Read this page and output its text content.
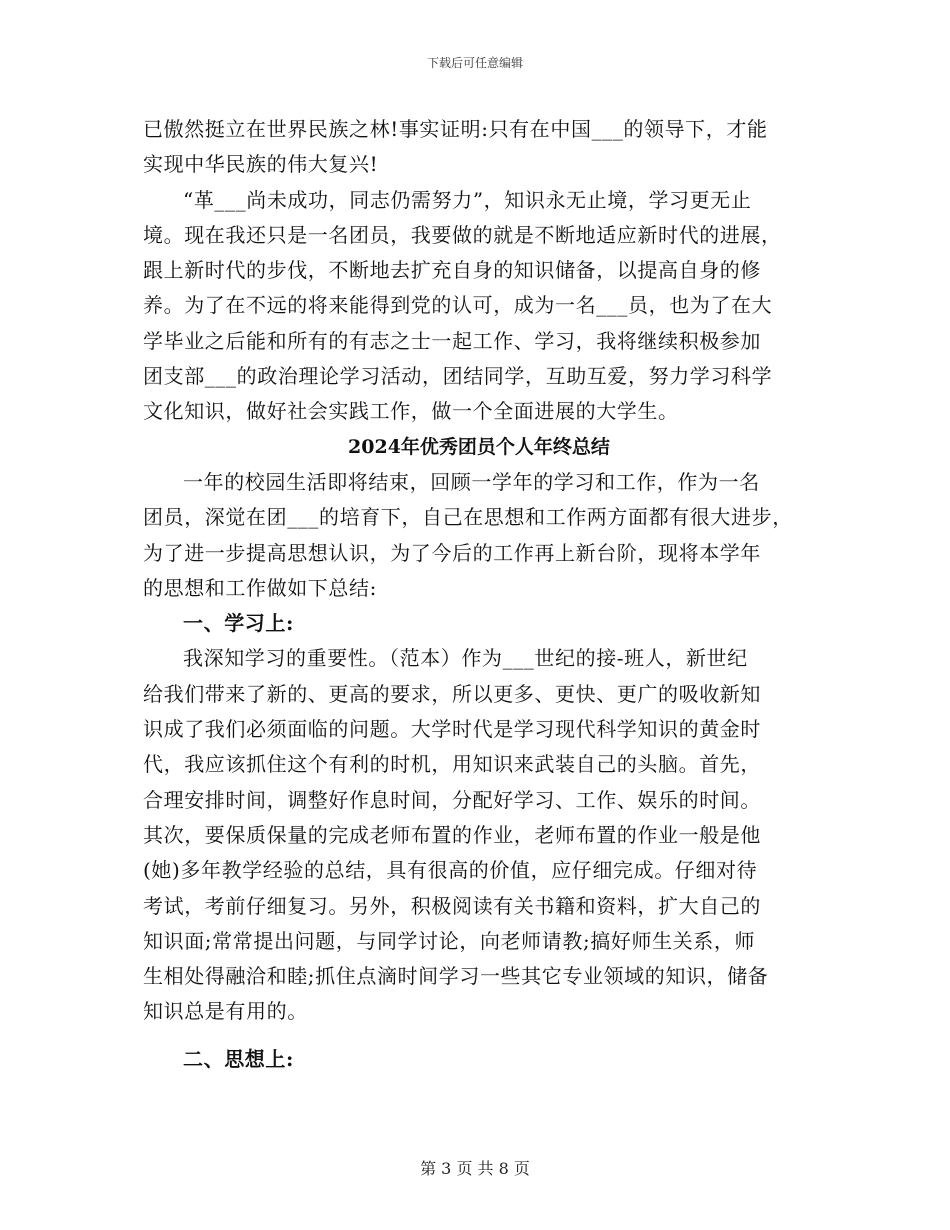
下载后可任意编辑
已傲然挺立在世界民族之林!事实证明:只有在中国___的领导下，才能
实现中华民族的伟大复兴!
“革___尚未成功，同志仍需努力”，知识永无止境，学习更无止
境。现在我还只是一名团员，我要做的就是不断地适应新时代的进展，
跟上新时代的步伐，不断地去扩充自身的知识储备，以提高自身的修
养。为了在不远的将来能得到党的认可，成为一名___员，也为了在大
学毕业之后能和所有的有志之士一起工作、学习，我将继续积极参加
团支部___的政治理论学习活动，团结同学，互助互爱，努力学习科学
文化知识，做好社会实践工作，做一个全面进展的大学生。
2024年优秀团员个人年终总结
一年的校园生活即将结束，回顾一学年的学习和工作，作为一名
团员，深觉在团___的培育下，自己在思想和工作两方面都有很大进步，
为了进一步提高思想认识，为了今后的工作再上新台阶，现将本学年
的思想和工作做如下总结:
一、学习上:
我深知学习的重要性。（范本）作为___世纪的接-班人，新世纪
给我们带来了新的、更高的要求，所以更多、更快、更广的吸收新知
识成了我们必须面临的问题。大学时代是学习现代科学知识的黄金时
代，我应该抓住这个有利的时机，用知识来武装自己的头脑。首先，
合理安排时间，调整好作息时间，分配好学习、工作、娱乐的时间。
其次，要保质保量的完成老师布置的作业，老师布置的作业一般是他
(她)多年教学经验的总结，具有很高的价值，应仔细完成。仔细对待
考试，考前仔细复习。另外，积极阅读有关书籍和资料，扩大自己的
知识面;常常提出问题，与同学讨论，向老师请教;搞好师生关系，师
生相处得融洽和睦;抓住点滴时间学习一些其它专业领域的知识，储备
知识总是有用的。
二、思想上:
第 3 页 共 8 页
